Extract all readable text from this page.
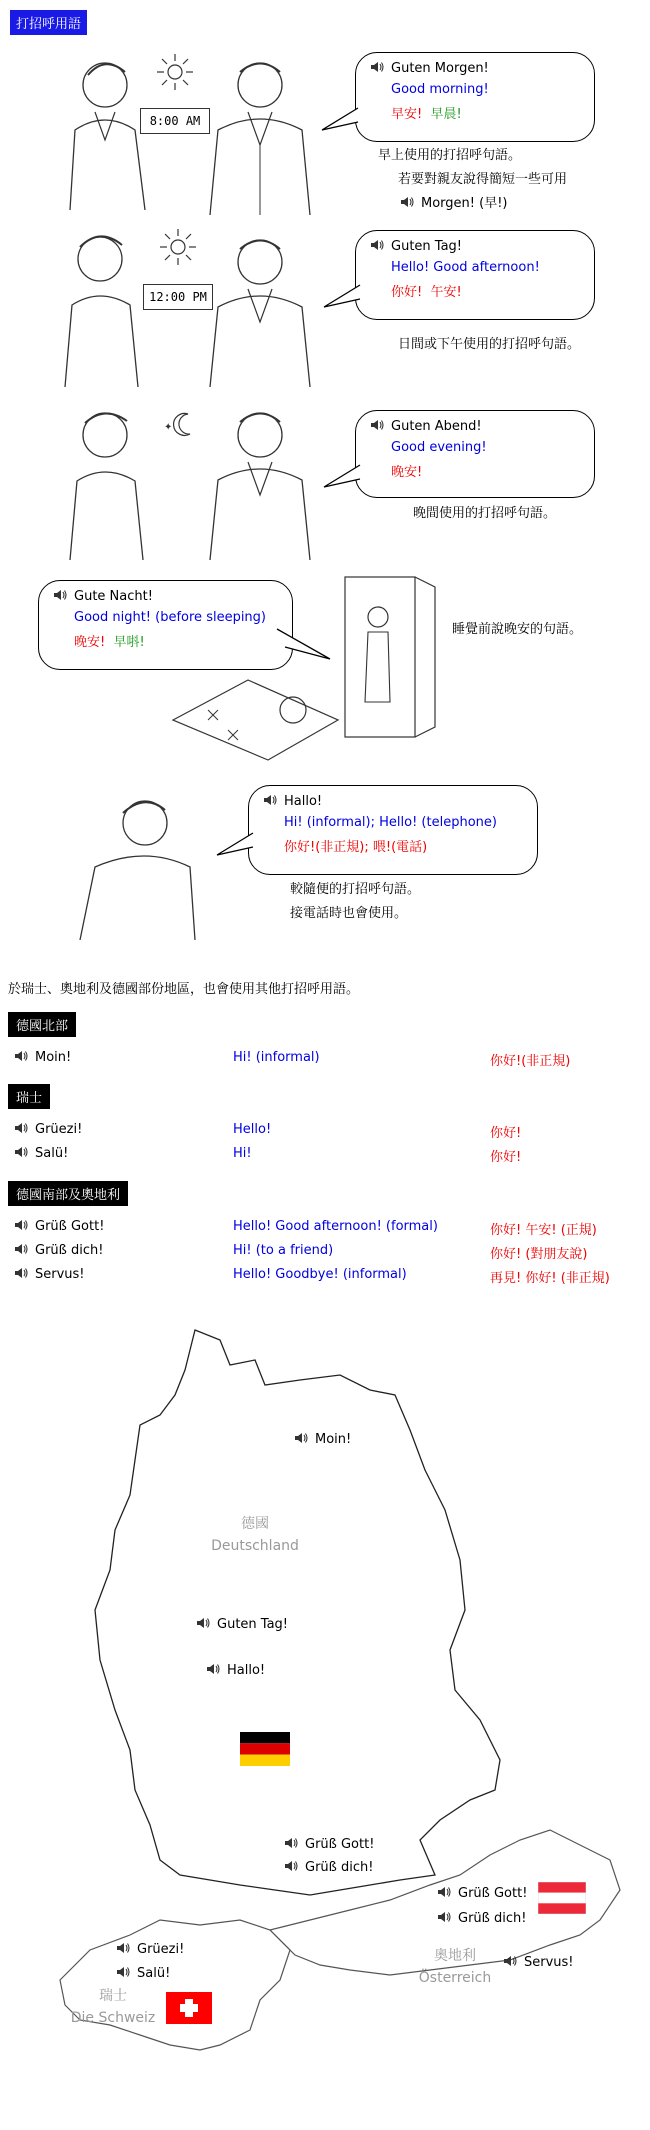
打招呼用語
8:00 AM
Guten Morgen!
Good morning!
早安! 早晨!
早上使用的打招呼句語。
若要對親友說得簡短一些可用
Morgen! (早!)
12:00 PM
Guten Tag!
Hello! Good afternoon!
你好! 午安!
日間或下午使用的打招呼句語。
✦	Guten Abend!
Good evening!
晚安!
晚間使用的打招呼句語。
Gute Nacht!
Good night! (before sleeping)
晚安! 早唞!
睡覺前說晚安的句語。
Hallo!
Hi! (informal); Hello! (telephone)
你好!(非正規); 喂!(電話)
較隨便的打招呼句語。
接電話時也會使用。
於瑞士、奧地利及德國部份地區，也會使用其他打招呼用語。
德國北部
Moin!	Hi! (informal)	你好!(非正規)
瑞士
Grüezi!	Hello!	你好!
Salü!	Hi!	你好!
德國南部及奧地利
Grüß Gott!	Hello! Good afternoon! (formal)	你好! 午安! (正規)
Grüß dich!	Hi! (to a friend)	你好! (對朋友說)
Servus!	Hello! Goodbye! (informal)	再見! 你好! (非正規)
Moin!
德國
Deutschland
Guten Tag!
Hallo!
Grüß Gott!
Grüß dich!
Grüß Gott!
Grüß dich!
Servus!
奧地利
Österreich
Grüezi!
Salü!
瑞士
Die Schweiz
